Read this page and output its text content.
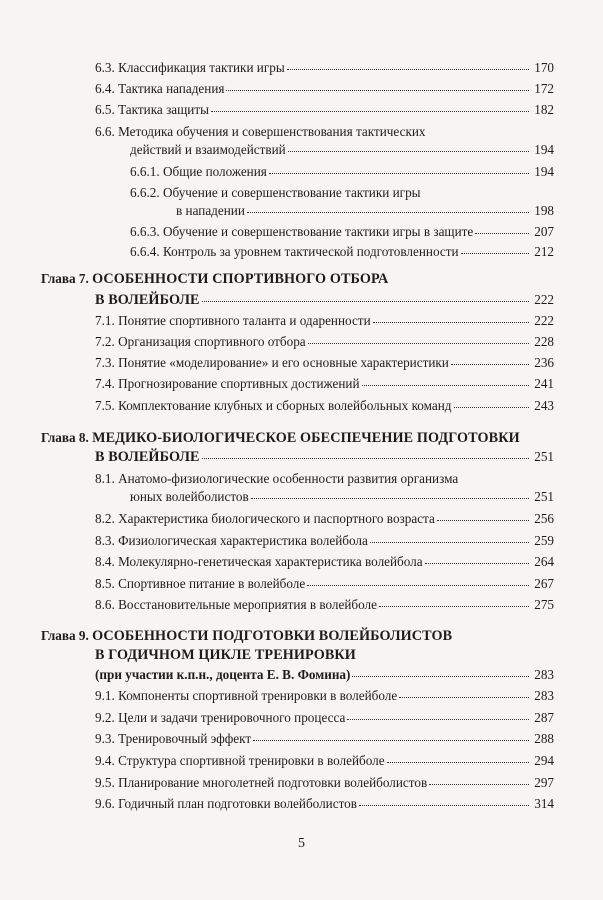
6.3. Классификация тактики игры	170
6.4. Тактика нападения	172
6.5. Тактика защиты	182
6.6. Методика обучения и совершенствования тактических
действий и взаимодействий	194
6.6.1. Общие положения	194
6.6.2. Обучение и совершенствование тактики игры
в нападении	198
6.6.3. Обучение и совершенствование тактики игры в защите	207
6.6.4. Контроль за уровнем тактической подготовленности	212
Глава 7. ОСОБЕННОСТИ СПОРТИВНОГО ОТБОРА
В ВОЛЕЙБОЛЕ	222
7.1. Понятие спортивного таланта и одаренности	222
7.2. Организация спортивного отбора	228
7.3. Понятие «моделирование» и его основные характеристики	236
7.4. Прогнозирование спортивных достижений	241
7.5. Комплектование клубных и сборных волейбольных команд	243
Глава 8. МЕДИКО-БИОЛОГИЧЕСКОЕ ОБЕСПЕЧЕНИЕ ПОДГОТОВКИ
В ВОЛЕЙБОЛЕ	251
8.1. Анатомо-физиологические особенности развития организма
юных волейболистов	251
8.2. Характеристика биологического и паспортного возраста	256
8.3. Физиологическая характеристика волейбола	259
8.4. Молекулярно-генетическая характеристика волейбола	264
8.5. Спортивное питание в волейболе	267
8.6. Восстановительные мероприятия в волейболе	275
Глава 9. ОСОБЕННОСТИ ПОДГОТОВКИ ВОЛЕЙБОЛИСТОВ
В ГОДИЧНОМ ЦИКЛЕ ТРЕНИРОВКИ
(при участии к.п.н., доцента Е. В. Фомина)	283
9.1. Компоненты спортивной тренировки в волейболе	283
9.2. Цели и задачи тренировочного процесса	287
9.3. Тренировочный эффект	288
9.4. Структура спортивной тренировки в волейболе	294
9.5. Планирование многолетней подготовки волейболистов	297
9.6. Годичный план подготовки волейболистов	314
5
